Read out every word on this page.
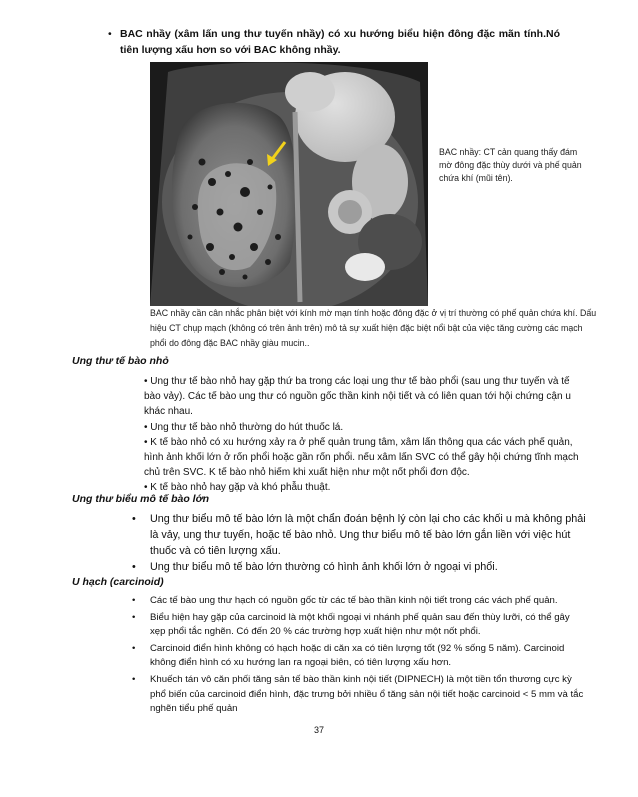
• BAC nhầy (xâm lấn ung thư tuyến nhầy) có xu hướng biểu hiện đông đặc mãn tính.Nó tiên lượng xấu hơn so với BAC không nhầy.
BAC nhầy: CT cản quang thấy đám mờ đông đặc thùy dưới và phế quản chứa khí (mũi tên).
BAC nhầy cần cân nhắc phân biệt với kính mờ mạn tính hoặc đông đặc ở vị trí thường có phế quản chứa khí. Dấu hiệu CT chụp mạch (không có trên ảnh trên) mô tả sự xuất hiện đặc biệt nổi bật của việc tăng cường các mạch phổi do đông đặc BAC nhầy giàu mucin..
Ung thư tế bào nhỏ

• Ung thư tế bào nhỏ hay gặp thứ ba trong các loại ung thư tế bào phổi (sau ung thư tuyến và tế bào vảy). Các tế bào ung thư có nguồn gốc thần kinh nội tiết và có liên quan tới hội chứng cận u khác nhau.

• Ung thư tế bào nhỏ thường do hút thuốc lá.

• K tế bào nhỏ có xu hướng xảy ra ở phế quản trung tâm, xâm lấn thông qua các vách phế quản, hình ảnh khối lớn ở rốn phổi hoặc gần rốn phổi. nếu xâm lấn SVC có thể gây hội chứng tĩnh mạch chủ trên SVC. K tế bào nhỏ hiếm khi xuất hiện như một nốt phổi đơn độc.

• K tế bào nhỏ hay gặp và khó phẫu thuật.

Ung thư biểu mô tế bào lớn
• Ung thư biểu mô tế bào lớn là một chẩn đoán bệnh lý còn lại cho các khối u mà không phải là vảy, ung thư tuyến, hoặc tế bào nhỏ. Ung thư biểu mô tế bào lớn gắn liền với việc hút thuốc và có tiên lượng xấu.
• Ung thư biểu mô tế bào lớn thường có hình ảnh khối lớn ở ngoại vi phổi.
U hạch (carcinoid)
• Các tế bào ung thư hạch có nguồn gốc từ các tế bào thần kinh nội tiết trong các vách phế quản.
• Biểu hiện hay gặp của carcinoid là một khối ngoại vi nhánh phế quản sau đến thùy lưỡi, có thể gây xẹp phổi tắc nghẽn. Có đến 20 % các trường hợp xuất hiện như một nốt phổi.
• Carcinoid điển hình không có hạch hoặc di căn xa có tiên lượng tốt (92 % sống 5 năm). Carcinoid không điển hình có xu hướng lan ra ngoại biên, có tiên lượng xấu hơn.
• Khuếch tán vô căn phối tăng sản tế bào thần kinh nội tiết (DIPNECH) là một tiền tổn thương cực kỳ phổ biến của carcinoid điển hình, đặc trưng bởi nhiều ổ tăng sản nội tiết hoặc carcinoid < 5 mm và tắc nghẽn tiểu phế quản
37
